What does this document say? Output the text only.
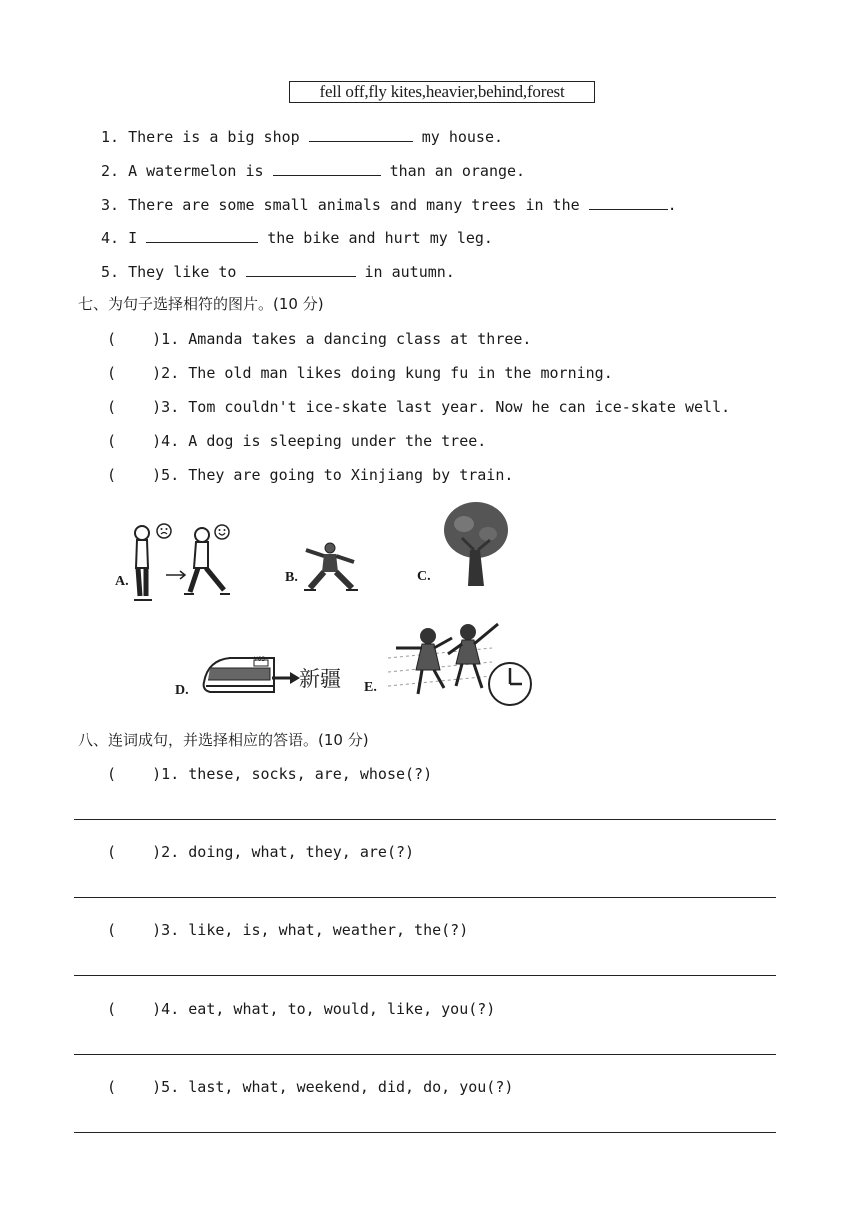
fell off,fly kites,heavier,behind,forest
1. There is a big shop	my house.
2. A watermelon is	than an orange.
3. There are some small animals and many trees in the	.
4. I	the bike and hurt my leg.
5. They like to	in autumn.
七、为句子选择相符的图片。(10 分)
( )1. Amanda takes a dancing class at three.
( )2. The old man likes doing kung fu in the morning.
( )3. Tom couldn't ice-skate last year. Now he can ice-skate well.
( )4. A dog is sleeping under the tree.
( )5. They are going to Xinjiang by train.
A.	B.	C.
D.
Y63
新疆 E.
八、连词成句，并选择相应的答语。(10 分)
( )1. these, socks, are, whose(?)
( )2. doing, what, they, are(?)
( )3. like, is, what, weather, the(?)
( )4. eat, what, to, would, like, you(?)
( )5. last, what, weekend, did, do, you(?)
